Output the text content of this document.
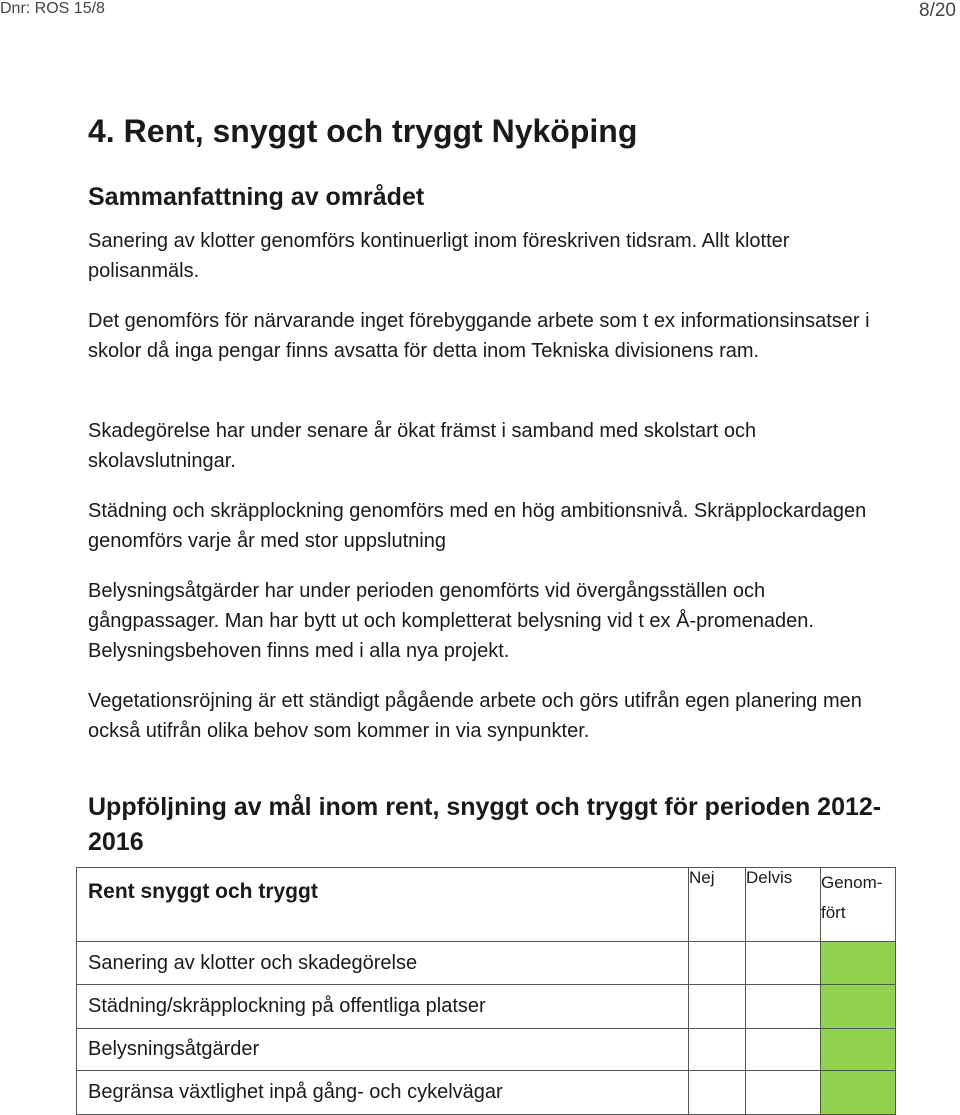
Dnr: ROS 15/8	8/20
4. Rent, snyggt och tryggt Nyköping
Sammanfattning av området

Sanering av klotter genomförs kontinuerligt inom föreskriven tidsram. Allt klotter polisanmäls.

Det genomförs för närvarande inget förebyggande arbete som t ex informationsinsatser i skolor då inga pengar finns avsatta för detta inom Tekniska divisionens ram.

Skadegörelse har under senare år ökat främst i samband med skolstart och skolavslutningar.

Städning och skräpplockning genomförs med en hög ambitionsnivå. Skräpplockardagen genomförs varje år med stor uppslutning

Belysningsåtgärder har under perioden genomförts vid övergångsställen och gångpassager. Man har bytt ut och kompletterat belysning vid t ex Å-promenaden. Belysningsbehoven finns med i alla nya projekt.

Vegetationsröjning är ett ständigt pågående arbete och görs utifrån egen planering men också utifrån olika behov som kommer in via synpunkter.

Uppföljning av mål inom rent, snyggt och tryggt för perioden 2012-2016
Rent snyggt och tryggt	Nej	Delvis	Genom-fört
Sanering av klotter och skadegörelse			
Städning/skräpplockning på offentliga platser			
Belysningsåtgärder			
Begränsa växtlighet inpå gång- och cykelvägar			
